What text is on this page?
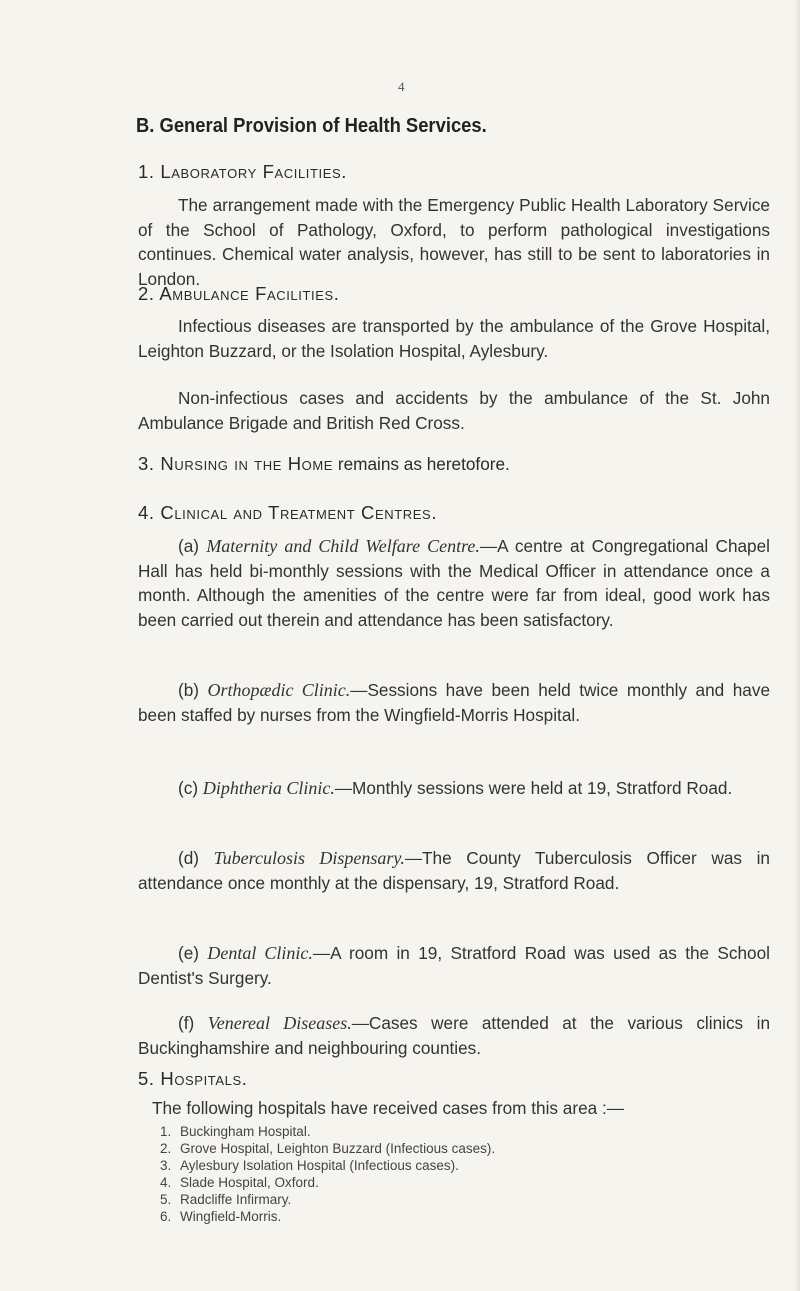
4
B. General Provision of Health Services.
1. Laboratory Facilities.

The arrangement made with the Emergency Public Health Laboratory Service of the School of Pathology, Oxford, to perform pathological investigations continues. Chemical water analysis, however, has still to be sent to laboratories in London.

2. Ambulance Facilities.

Infectious diseases are transported by the ambulance of the Grove Hospital, Leighton Buzzard, or the Isolation Hospital, Aylesbury.

Non-infectious cases and accidents by the ambulance of the St. John Ambulance Brigade and British Red Cross.

3. Nursing in the Home remains as heretofore.
4. Clinical and Treatment Centres.

(a) Maternity and Child Welfare Centre.—A centre at Congregational Chapel Hall has held bi-monthly sessions with the Medical Officer in attendance once a month. Although the amenities of the centre were far from ideal, good work has been carried out therein and attendance has been satisfactory.

(b) Orthopædic Clinic.—Sessions have been held twice monthly and have been staffed by nurses from the Wingfield-Morris Hospital.

(c) Diphtheria Clinic.—Monthly sessions were held at 19, Stratford Road.

(d) Tuberculosis Dispensary.—The County Tuberculosis Officer was in attendance once monthly at the dispensary, 19, Stratford Road.

(e) Dental Clinic.—A room in 19, Stratford Road was used as the School Dentist's Surgery.

(f) Venereal Diseases.—Cases were attended at the various clinics in Buckinghamshire and neighbouring counties.

5. Hospitals.

The following hospitals have received cases from this area :—

1. Buckingham Hospital.
2. Grove Hospital, Leighton Buzzard (Infectious cases).
3. Aylesbury Isolation Hospital (Infectious cases).
4. Slade Hospital, Oxford.
5. Radcliffe Infirmary.
6. Wingfield-Morris.
